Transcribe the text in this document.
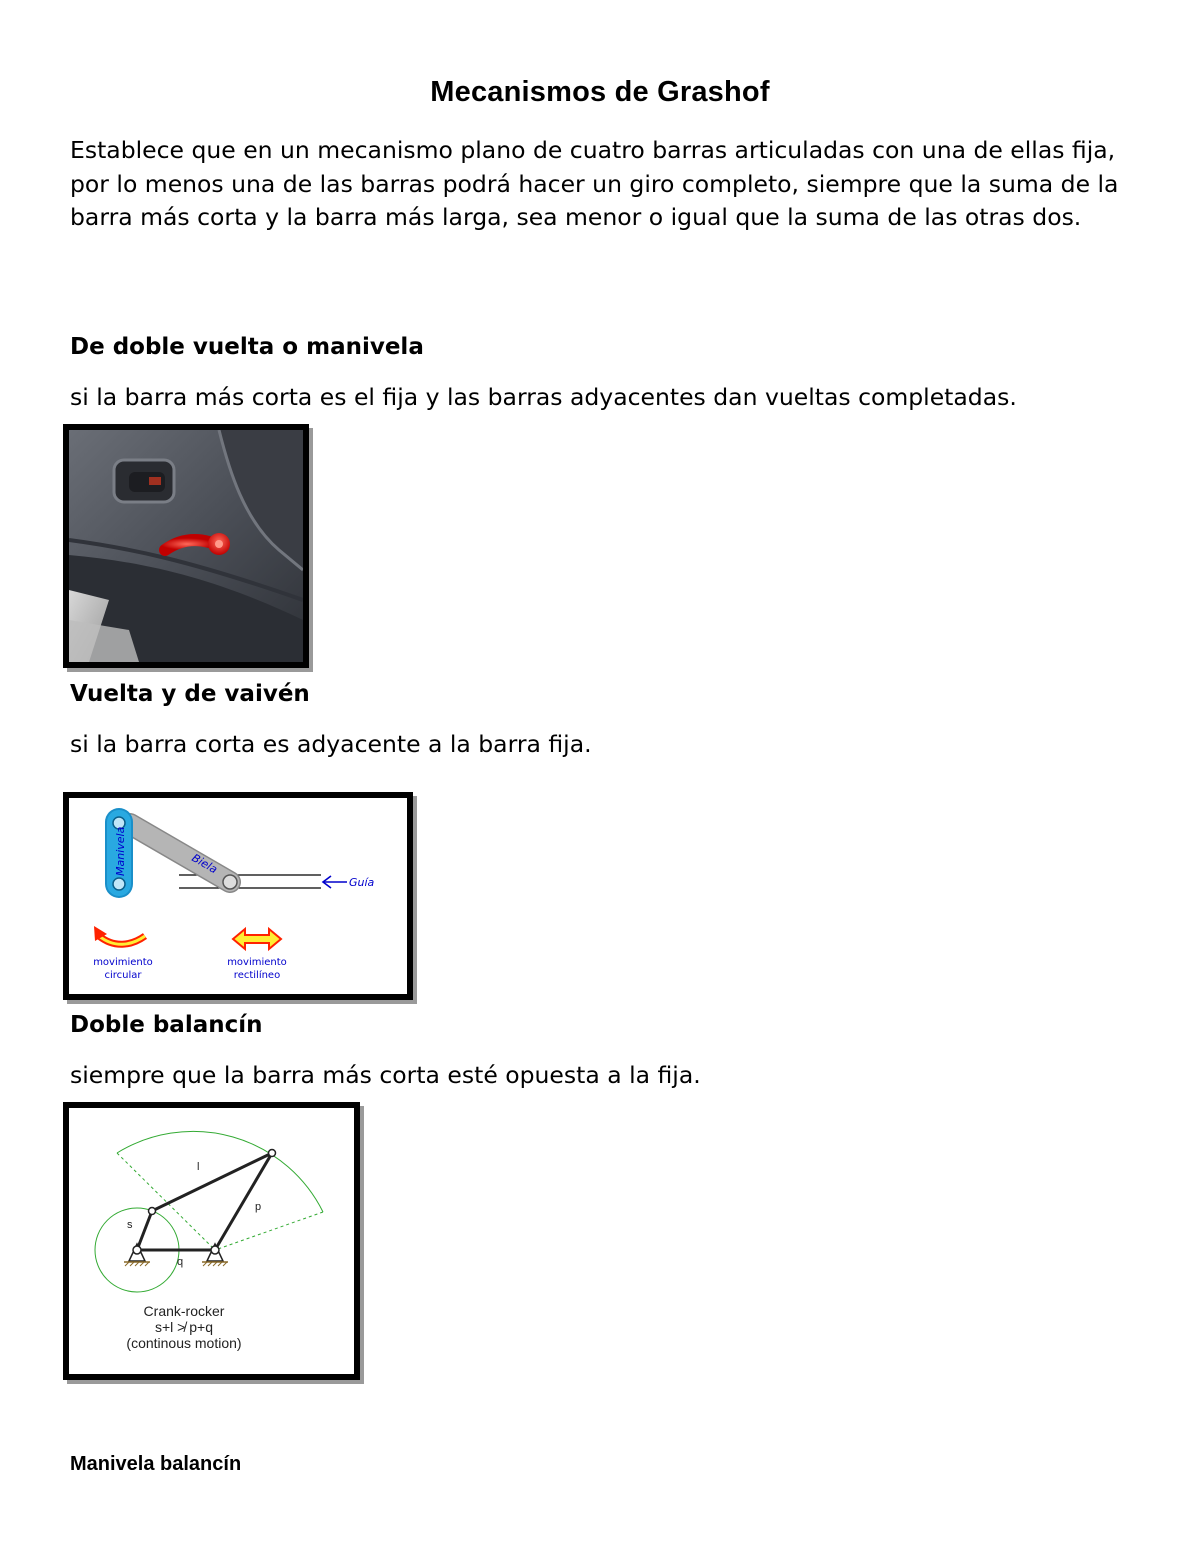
Mecanismos de Grashof

Establece que en un mecanismo plano de cuatro barras articuladas con una de ellas fija, por lo menos una de las barras podrá hacer un giro completo, siempre que la suma de la barra más corta y la barra más larga, sea menor o igual que la suma de las otras dos.

De doble vuelta o manivela

si la barra más corta es el fija y las barras adyacentes dan vueltas completadas.

Vuelta y de vaivén

si la barra corta es adyacente a la barra fija.

Biela
Manivela
Guía
movimiento
circular
movimiento
rectilíneo
Doble balancín

siempre que la barra más corta esté opuesta a la fija.

l
p
s
q
Crank-rocker
s+l ≯ p+q
(continous motion)
Manivela balancín
